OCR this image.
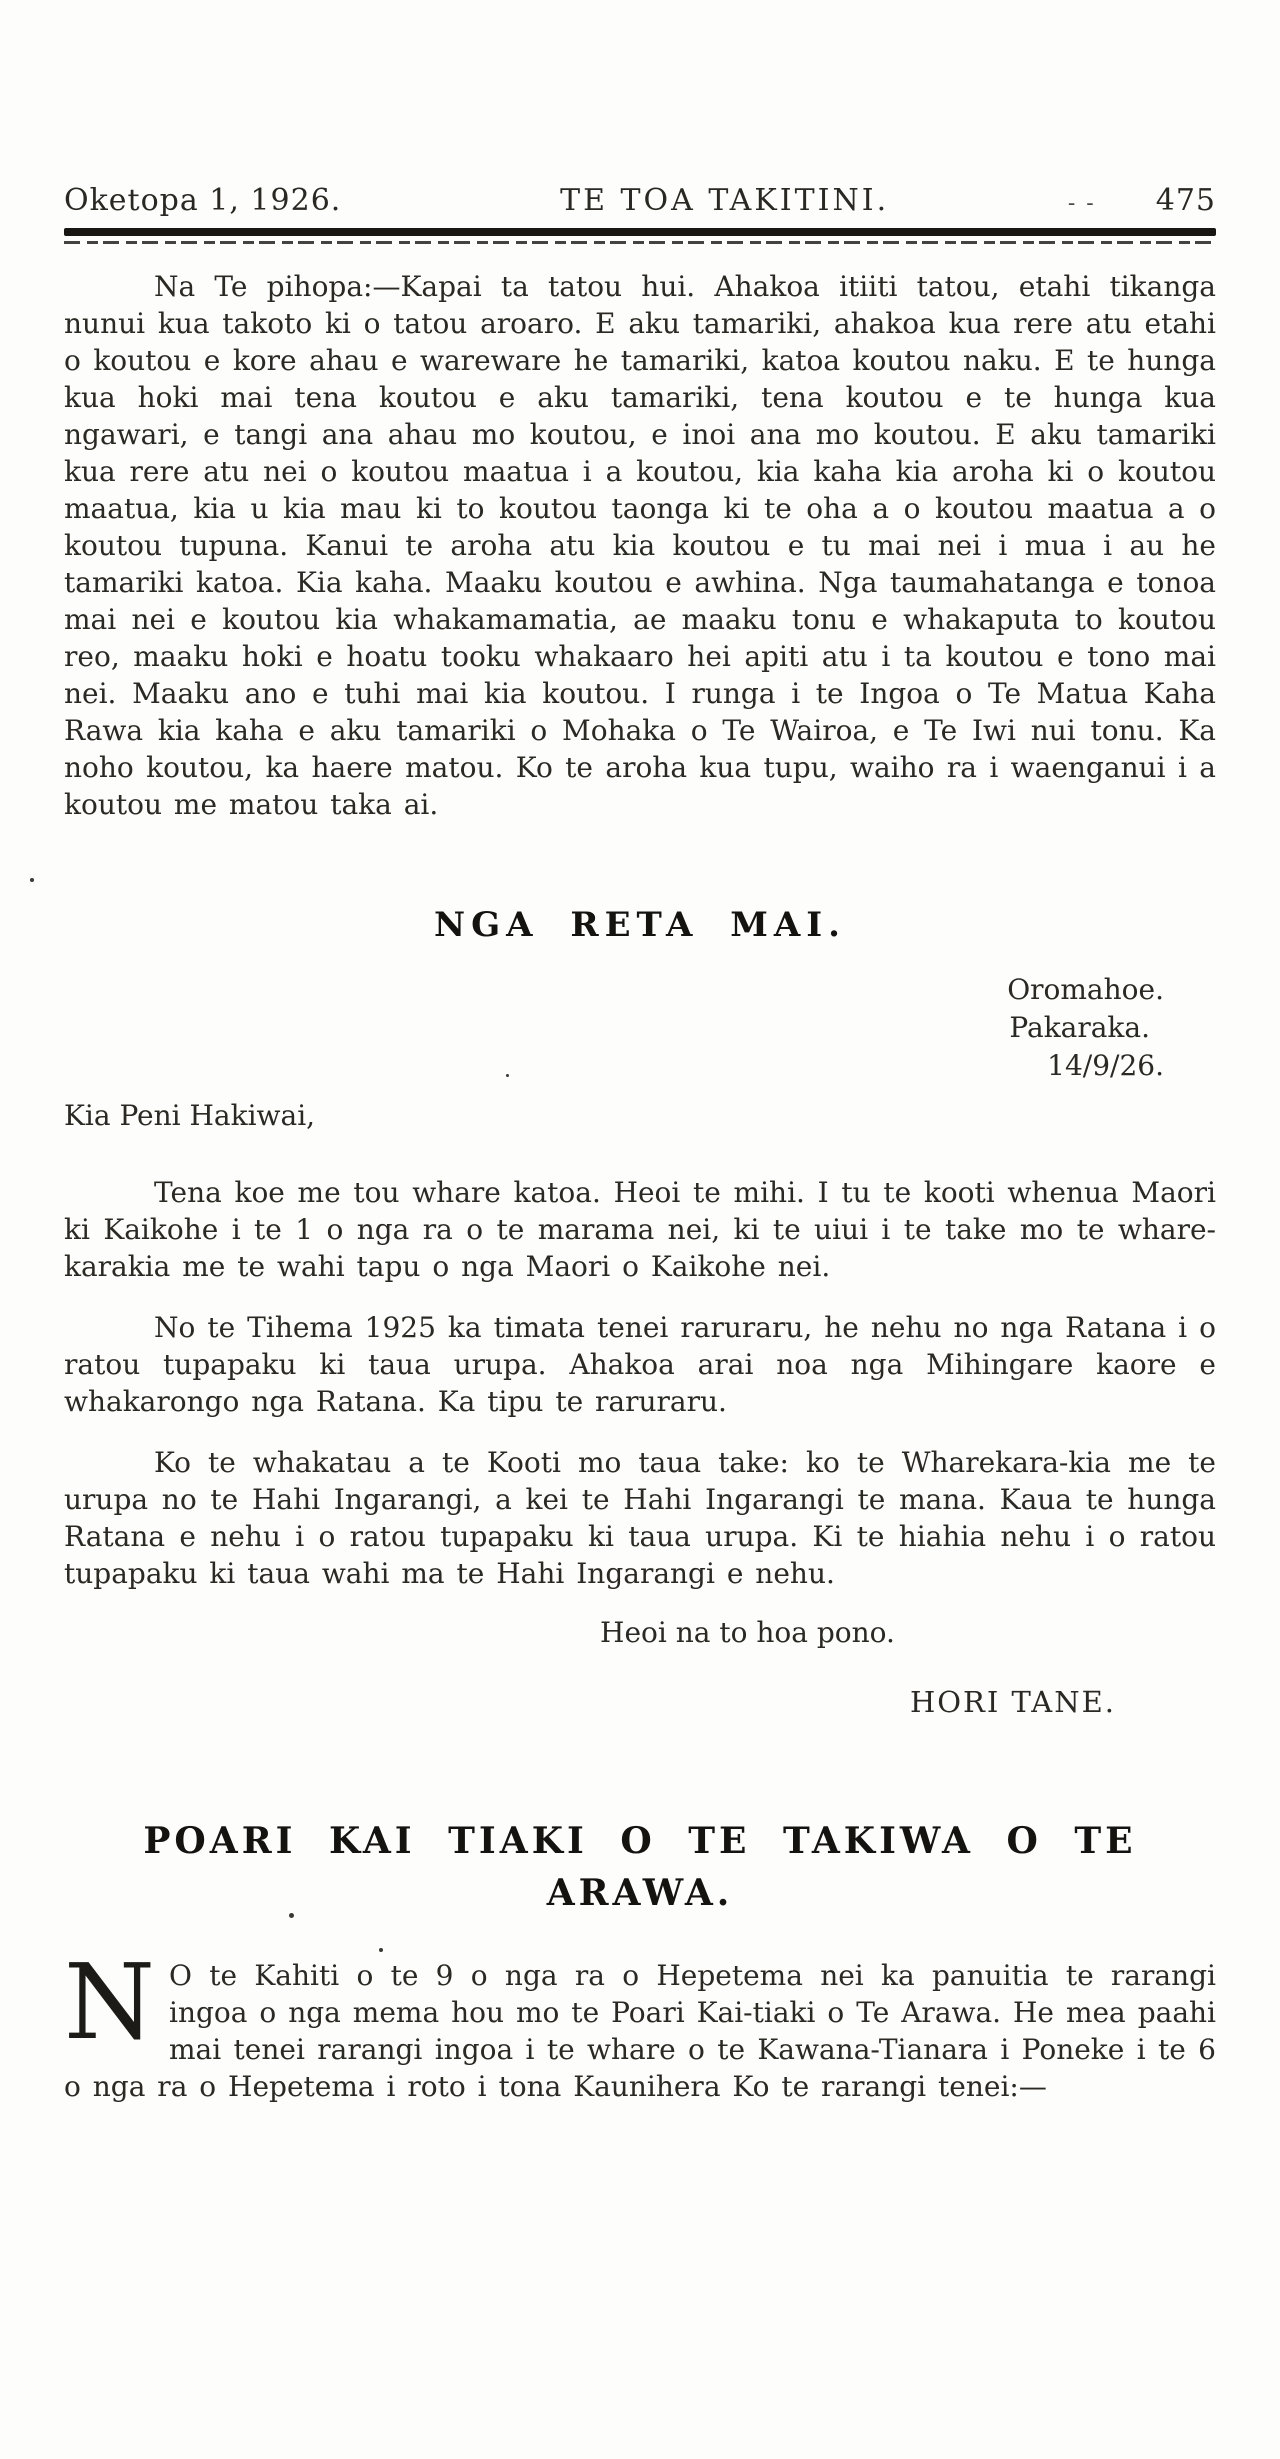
Oketopa 1, 1926.	TE TOA TAKITINI.	- -	475

Na Te pihopa:—Kapai ta tatou hui. Ahakoa itiiti tatou, etahi tikanga nunui kua takoto ki o tatou aroaro. E aku tamariki, ahakoa kua rere atu etahi o koutou e kore ahau e wareware he tamariki, katoa koutou naku. E te hunga kua hoki mai tena koutou e aku tamariki, tena koutou e te hunga kua ngawari, e tangi ana ahau mo koutou, e inoi ana mo koutou. E aku tamariki kua rere atu nei o koutou maatua i a koutou, kia kaha kia aroha ki o koutou maatua, kia u kia mau ki to koutou taonga ki te oha a o koutou maatua a o koutou tupuna. Kanui te aroha atu kia koutou e tu mai nei i mua i au he tamariki katoa. Kia kaha. Maaku koutou e awhina. Nga taumahatanga e tonoa mai nei e koutou kia whakamamatia, ae maaku tonu e whakaputa to koutou reo, maaku hoki e hoatu tooku whakaaro hei apiti atu i ta koutou e tono mai nei. Maaku ano e tuhi mai kia koutou. I runga i te Ingoa o Te Matua Kaha Rawa kia kaha e aku tamariki o Mohaka o Te Wairoa, e Te Iwi nui tonu. Ka noho koutou, ka haere matou. Ko te aroha kua tupu, waiho ra i waenganui i a koutou me matou taka ai.

NGA RETA MAI.
Oromahoe.
Pakaraka.
14/9/26.

Kia Peni Hakiwai,

Tena koe me tou whare katoa. Heoi te mihi. I tu te kooti whenua Maori ki Kaikohe i te 1 o nga ra o te marama nei, ki te uiui i te take mo te whare-karakia me te wahi tapu o nga Maori o Kaikohe nei.

No te Tihema 1925 ka timata tenei raruraru, he nehu no nga Ratana i o ratou tupapaku ki taua urupa. Ahakoa arai noa nga Mihingare kaore e whakarongo nga Ratana. Ka tipu te raruraru.

Ko te whakatau a te Kooti mo taua take: ko te Wharekara-kia me te urupa no te Hahi Ingarangi, a kei te Hahi Ingarangi te mana. Kaua te hunga Ratana e nehu i o ratou tupapaku ki taua urupa. Ki te hiahia nehu i o ratou tupapaku ki taua wahi ma te Hahi Ingarangi e nehu.

Heoi na to hoa pono.
HORI TANE.
POARI KAI TIAKI O TE TAKIWA O TE
ARAWA.

N O te Kahiti o te 9 o nga ra o Hepetema nei ka panuitia te rarangi ingoa o nga mema hou mo te Poari Kai-tiaki o Te Arawa. He mea paahi mai tenei rarangi ingoa i te whare o te Kawana-Tianara i Poneke i te 6 o nga ra o Hepetema i roto i tona Kaunihera Ko te rarangi tenei:—
